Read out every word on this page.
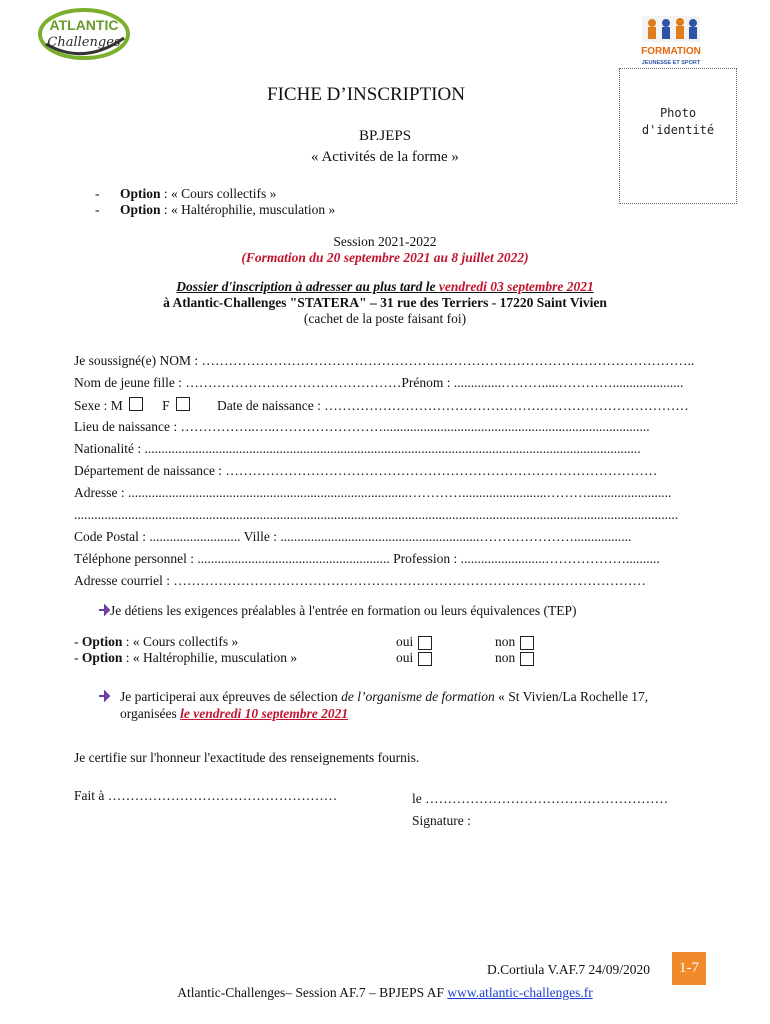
ATLANTIC
Challenges
FORMATION
JEUNESSE ET SPORT
Photo
d'identité
FICHE D’INSCRIPTION
BP.JEPS
« Activités de la forme »
- Option : « Cours collectifs »
- Option : « Haltérophilie, musculation »
Session 2021-2022
(Formation du 20 septembre 2021 au 8 juillet 2022)
Dossier d'inscription à adresser au plus tard le vendredi 03 septembre 2021
à Atlantic-Challenges "STATERA" – 31 rue des Terriers - 17220 Saint Vivien
(cachet de la poste faisant foi)
Je soussigné(e) NOM : ………………………………………………………………………………………………..
Nom de jeune fille : …………………………………………Prénom : ..............……….....………….....................
Sexe : M	F	Date de naissance : ………………………………………………………………………
Lieu de naissance : ……………..…..……………………...............................................................................
Nationalité : ...................................................................................................................................................
Département de naissance : ……………………………………………………………………………………
Adresse : ...................................................................................………….........................……….........................
...................................................................................................................................................................................
Code Postal : ........................... Ville : ...........................................................………………….................
Téléphone personnel : ......................................................... Profession : .........................………………..........
Adresse courriel : ……………………………………………………………………………………………
Je détiens les exigences préalables à l'entrée en formation ou leurs équivalences (TEP)
- Option : « Cours collectifs »	oui	non
- Option : « Haltérophilie, musculation »	oui	non
Je participerai aux épreuves de sélection de l’organisme de formation « St Vivien/La Rochelle 17,
organisées le vendredi 10 septembre 2021
Je certifie sur l'honneur l'exactitude des renseignements fournis.
Fait à ……………………………………………	le ………………………………………………
Signature :
D.Cortiula V.AF.7 24/09/2020	1-7
Atlantic-Challenges– Session AF.7 – BPJEPS AF www.atlantic-challenges.fr
